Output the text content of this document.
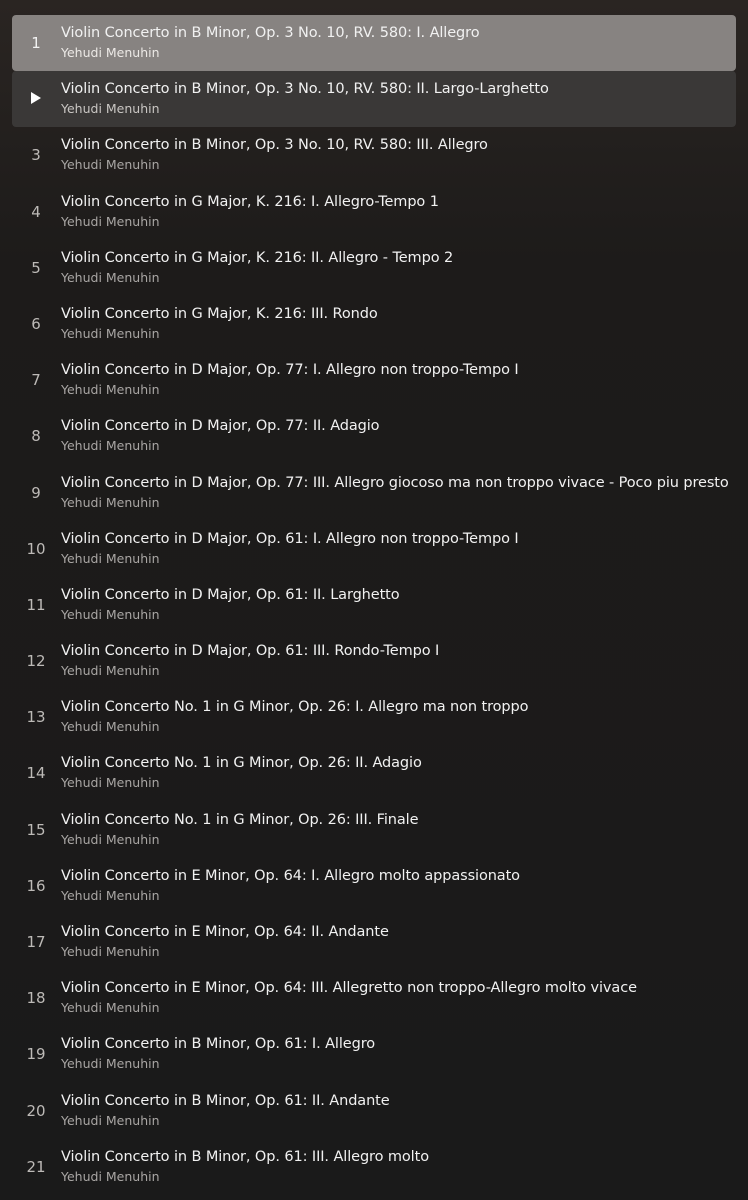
1
Violin Concerto in B Minor, Op. 3 No. 10, RV. 580: I. Allegro
Yehudi Menuhin
Violin Concerto in B Minor, Op. 3 No. 10, RV. 580: II. Largo-Larghetto
Yehudi Menuhin
3
Violin Concerto in B Minor, Op. 3 No. 10, RV. 580: III. Allegro
Yehudi Menuhin
4
Violin Concerto in G Major, K. 216: I. Allegro-Tempo 1
Yehudi Menuhin
5
Violin Concerto in G Major, K. 216: II. Allegro - Tempo 2
Yehudi Menuhin
6
Violin Concerto in G Major, K. 216: III. Rondo
Yehudi Menuhin
7
Violin Concerto in D Major, Op. 77: I. Allegro non troppo-Tempo I
Yehudi Menuhin
8
Violin Concerto in D Major, Op. 77: II. Adagio
Yehudi Menuhin
9
Violin Concerto in D Major, Op. 77: III. Allegro giocoso ma non troppo vivace - Poco piu presto
Yehudi Menuhin
10
Violin Concerto in D Major, Op. 61: I. Allegro non troppo-Tempo I
Yehudi Menuhin
11
Violin Concerto in D Major, Op. 61: II. Larghetto
Yehudi Menuhin
12
Violin Concerto in D Major, Op. 61: III. Rondo-Tempo I
Yehudi Menuhin
13
Violin Concerto No. 1 in G Minor, Op. 26: I. Allegro ma non troppo
Yehudi Menuhin
14
Violin Concerto No. 1 in G Minor, Op. 26: II. Adagio
Yehudi Menuhin
15
Violin Concerto No. 1 in G Minor, Op. 26: III. Finale
Yehudi Menuhin
16
Violin Concerto in E Minor, Op. 64: I. Allegro molto appassionato
Yehudi Menuhin
17
Violin Concerto in E Minor, Op. 64: II. Andante
Yehudi Menuhin
18
Violin Concerto in E Minor, Op. 64: III. Allegretto non troppo-Allegro molto vivace
Yehudi Menuhin
19
Violin Concerto in B Minor, Op. 61: I. Allegro
Yehudi Menuhin
20
Violin Concerto in B Minor, Op. 61: II. Andante
Yehudi Menuhin
21
Violin Concerto in B Minor, Op. 61: III. Allegro molto
Yehudi Menuhin
